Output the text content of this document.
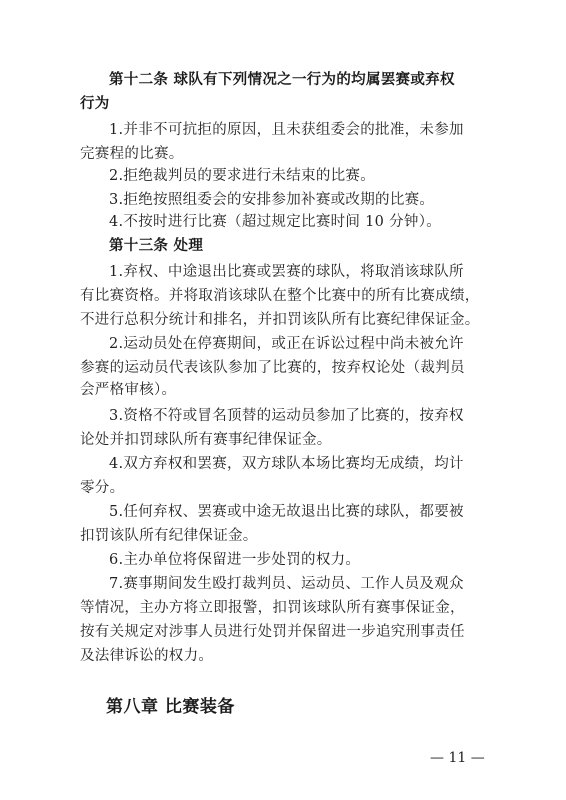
第十二条 球队有下列情况之一行为的均属罢赛或弃权
行为
1.并非不可抗拒的原因，且未获组委会的批准，未参加
完赛程的比赛。
2.拒绝裁判员的要求进行未结束的比赛。
3.拒绝按照组委会的安排参加补赛或改期的比赛。
4.不按时进行比赛（超过规定比赛时间 10 分钟）。
第十三条 处理
1.弃权、中途退出比赛或罢赛的球队，将取消该球队所
有比赛资格。并将取消该球队在整个比赛中的所有比赛成绩，
不进行总积分统计和排名，并扣罚该队所有比赛纪律保证金。
2.运动员处在停赛期间，或正在诉讼过程中尚未被允许
参赛的运动员代表该队参加了比赛的，按弃权论处（裁判员
会严格审核）。
3.资格不符或冒名顶替的运动员参加了比赛的，按弃权
论处并扣罚球队所有赛事纪律保证金。
4.双方弃权和罢赛，双方球队本场比赛均无成绩，均计
零分。
5.任何弃权、罢赛或中途无故退出比赛的球队，都要被
扣罚该队所有纪律保证金。
6.主办单位将保留进一步处罚的权力。
7.赛事期间发生殴打裁判员、运动员、工作人员及观众
等情况，主办方将立即报警，扣罚该球队所有赛事保证金，
按有关规定对涉事人员进行处罚并保留进一步追究刑事责任
及法律诉讼的权力。
第八章 比赛装备
— 11 —
